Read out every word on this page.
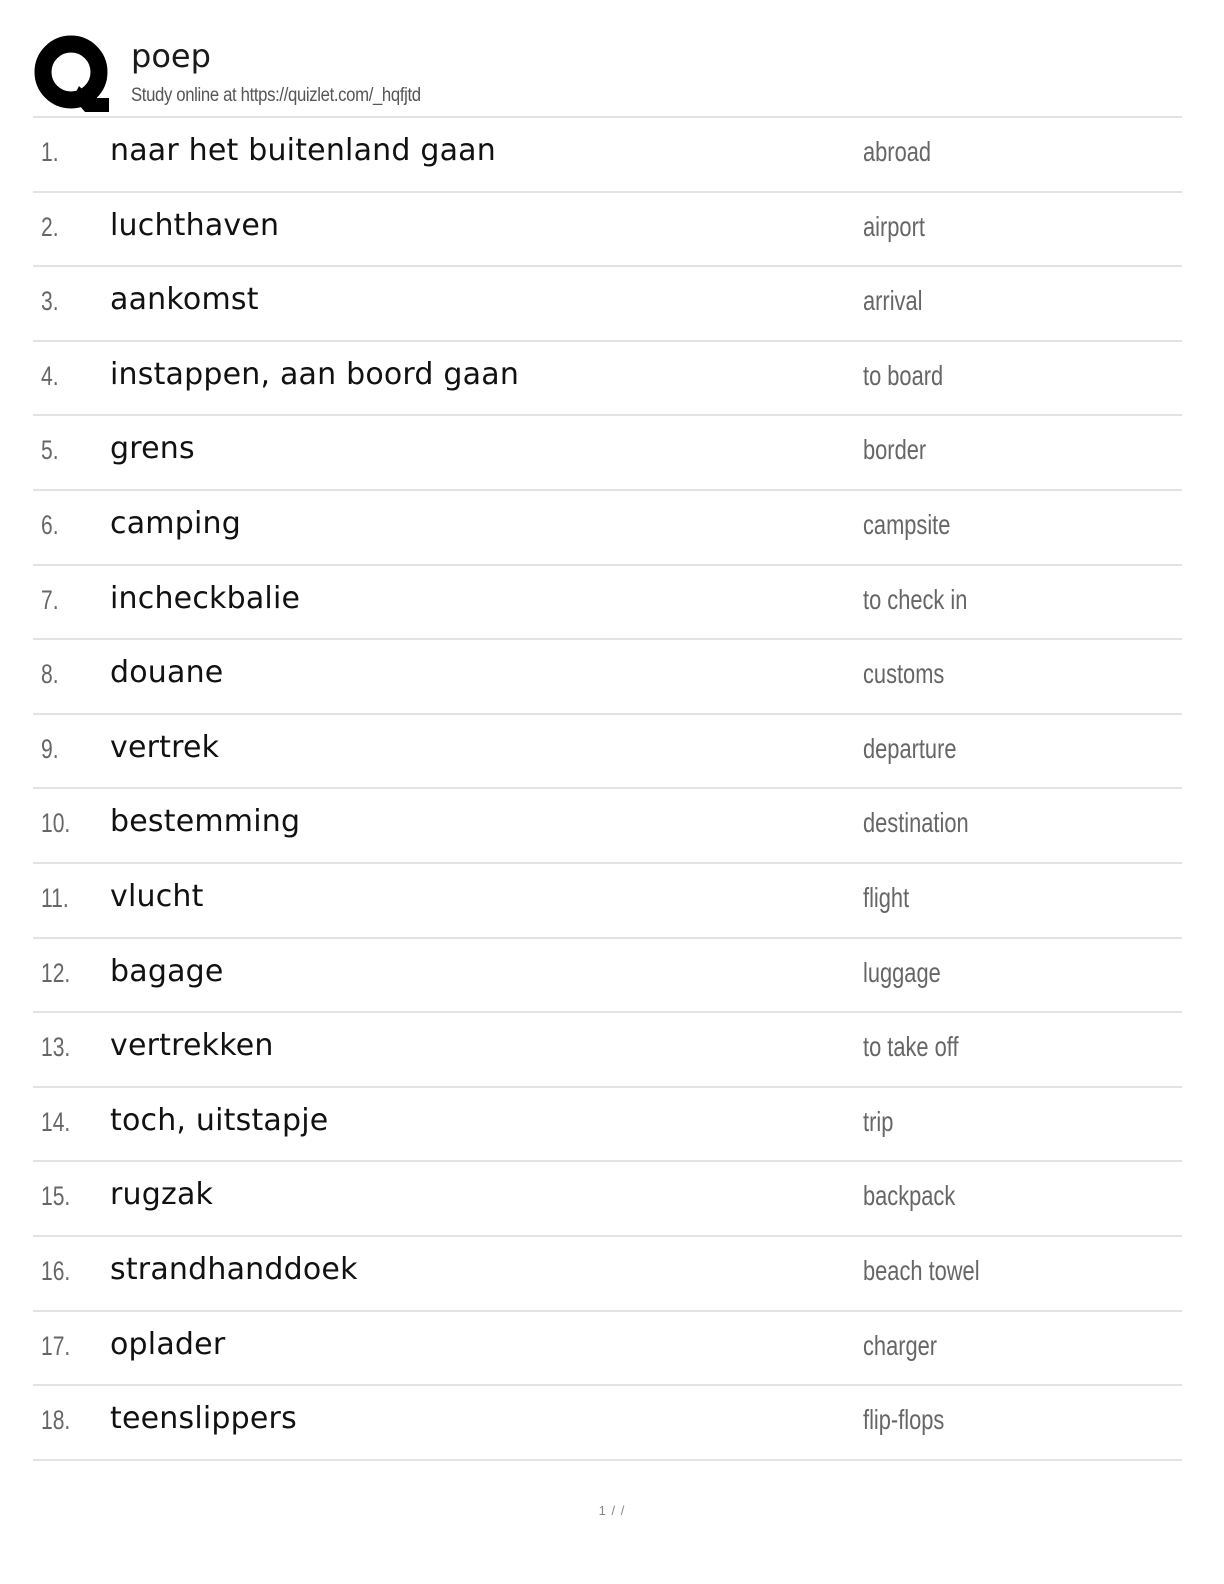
poep
Study online at https://quizlet.com/_hqfjtd
1. naar het buitenland gaan	abroad
2. luchthaven	airport
3. aankomst	arrival
4. instappen, aan boord gaan	to board
5. grens	border
6. camping	campsite
7. incheckbalie	to check in
8. douane	customs
9. vertrek	departure
10. bestemming	destination
11. vlucht	flight
12. bagage	luggage
13. vertrekken	to take off
14. toch, uitstapje	trip
15. rugzak	backpack
16. strandhanddoek	beach towel
17. oplader	charger
18. teenslippers	flip-flops
1 / /
